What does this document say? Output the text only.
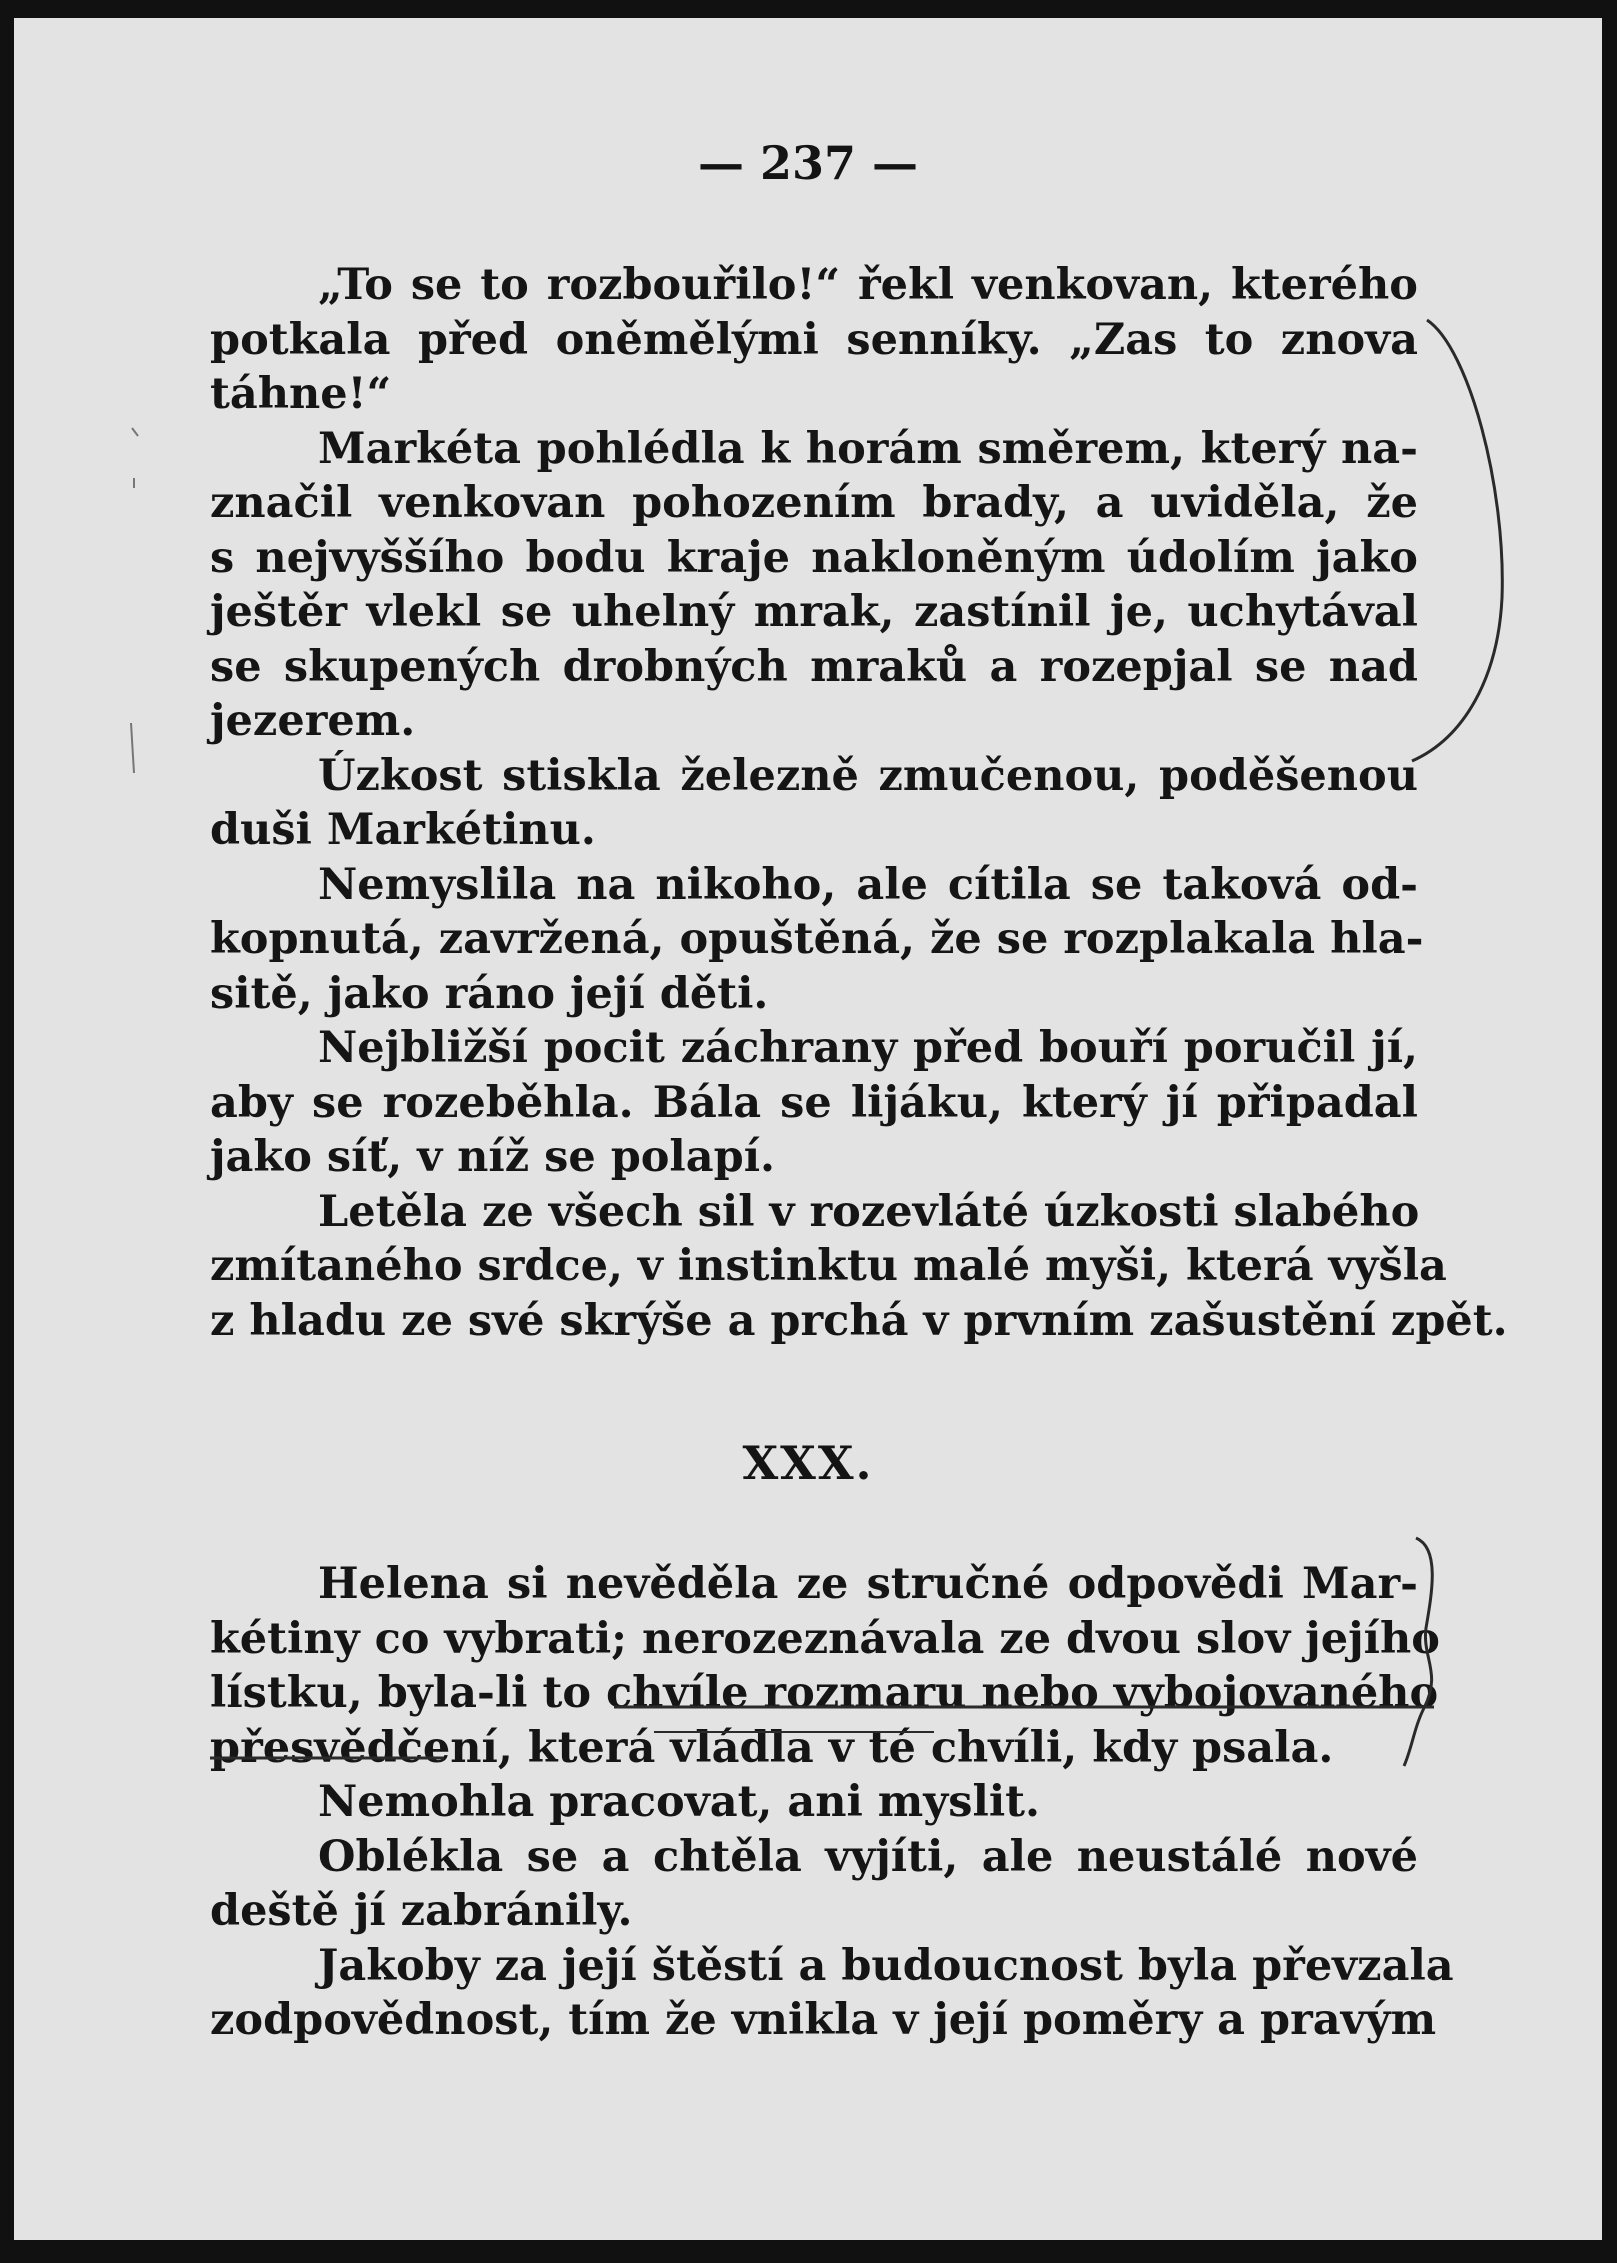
— 237 —
„To se to rozbouřilo!“ řekl venkovan, kterého
potkala před oněmělými senníky. „Zas to znova
táhne!“
Markéta pohlédla k horám směrem, který na-
značil venkovan pohozením brady, a uviděla, že
s nejvyššího bodu kraje nakloněným údolím jako
ještěr vlekl se uhelný mrak, zastínil je, uchytával
se skupených drobných mraků a rozepjal se nad
jezerem.
Úzkost stiskla železně zmučenou, poděšenou
duši Markétinu.
Nemyslila na nikoho, ale cítila se taková od-
kopnutá, zavržená, opuštěná, že se rozplakala hla-
sitě, jako ráno její děti.
Nejbližší pocit záchrany před bouří poručil jí,
aby se rozeběhla. Bála se lijáku, který jí připadal
jako síť, v níž se polapí.
Letěla ze všech sil v rozevláté úzkosti slabého
zmítaného srdce, v instinktu malé myši, která vyšla
z hladu ze své skrýše a prchá v prvním zašustění zpět.
XXX.
Helena si nevěděla ze stručné odpovědi Mar-
kétiny co vybrati; nerozeznávala ze dvou slov jejího
lístku, byla-li to chvíle rozmaru nebo vybojovaného
přesvědčení, která vládla v té chvíli, kdy psala.
Nemohla pracovat, ani myslit.
Oblékla se a chtěla vyjíti, ale neustálé nové
deště jí zabránily.
Jakoby za její štěstí a budoucnost byla převzala
zodpovědnost, tím že vnikla v její poměry a pravým
